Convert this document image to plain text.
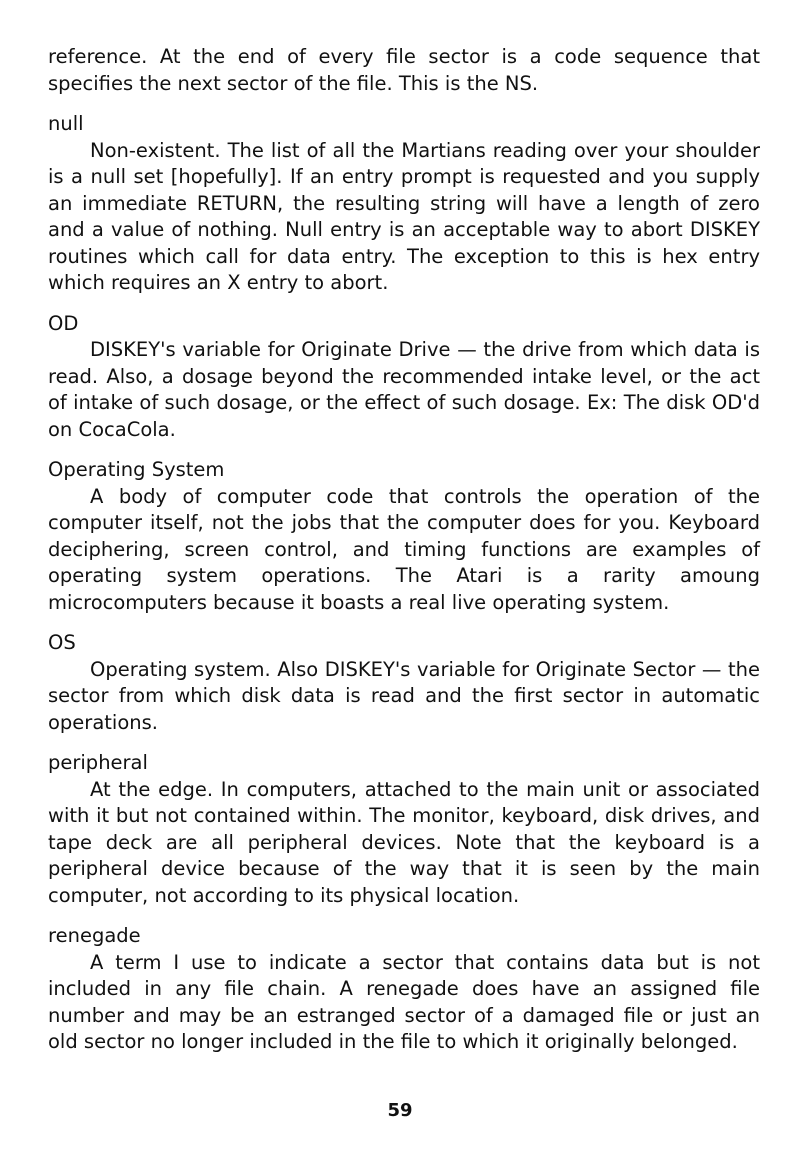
reference. At the end of every file sector is a code sequence that specifies the next sector of the file. This is the NS.

null

Non-existent. The list of all the Martians reading over your shoulder is a null set [hopefully]. If an entry prompt is requested and you supply an immediate RETURN, the resulting string will have a length of zero and a value of nothing. Null entry is an acceptable way to abort DISKEY routines which call for data entry. The exception to this is hex entry which requires an X entry to abort.

OD

DISKEY's variable for Originate Drive — the drive from which data is read. Also, a dosage beyond the recommended intake level, or the act of intake of such dosage, or the effect of such dosage. Ex: The disk OD'd on CocaCola.

Operating System

A body of computer code that controls the operation of the computer itself, not the jobs that the computer does for you. Keyboard deciphering, screen control, and timing functions are examples of operating system operations. The Atari is a rarity amoung microcomputers because it boasts a real live operating system.

OS

Operating system. Also DISKEY's variable for Originate Sector — the sector from which disk data is read and the first sector in automatic operations.

peripheral

At the edge. In computers, attached to the main unit or associated with it but not contained within. The monitor, keyboard, disk drives, and tape deck are all peripheral devices. Note that the keyboard is a peripheral device because of the way that it is seen by the main computer, not according to its physical location.

renegade

A term I use to indicate a sector that contains data but is not included in any file chain. A renegade does have an assigned file number and may be an estranged sector of a damaged file or just an old sector no longer included in the file to which it originally belonged.

59
